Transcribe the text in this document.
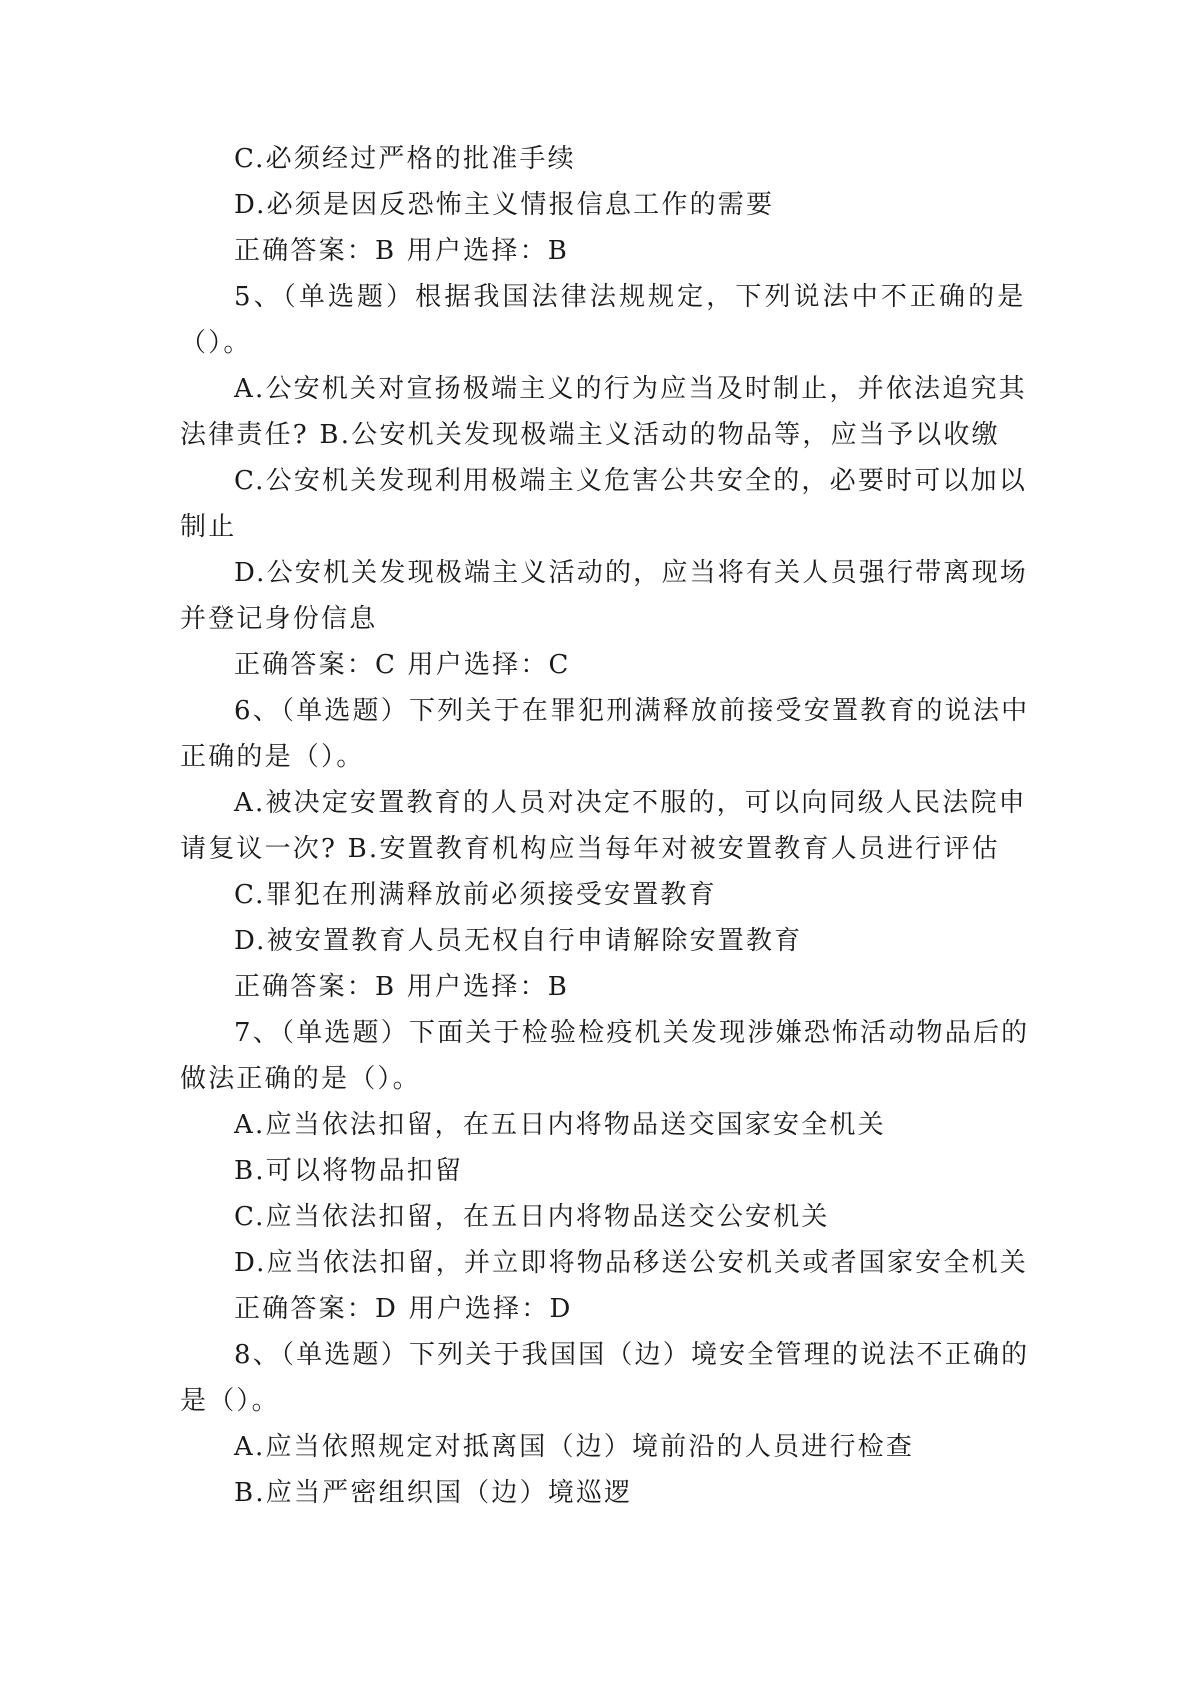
C.必须经过严格的批准手续
D.必须是因反恐怖主义情报信息工作的需要
正确答案：B 用户选择：B
5、（单选题）根据我国法律法规规定，下列说法中不正确的是
（）。
A.公安机关对宣扬极端主义的行为应当及时制止，并依法追究其
法律责任? B.公安机关发现极端主义活动的物品等，应当予以收缴
C.公安机关发现利用极端主义危害公共安全的，必要时可以加以
制止
D.公安机关发现极端主义活动的，应当将有关人员强行带离现场
并登记身份信息
正确答案：C 用户选择：C
6、（单选题）下列关于在罪犯刑满释放前接受安置教育的说法中
正确的是（）。
A.被决定安置教育的人员对决定不服的，可以向同级人民法院申
请复议一次? B.安置教育机构应当每年对被安置教育人员进行评估
C.罪犯在刑满释放前必须接受安置教育
D.被安置教育人员无权自行申请解除安置教育
正确答案：B 用户选择：B
7、（单选题）下面关于检验检疫机关发现涉嫌恐怖活动物品后的
做法正确的是（）。
A.应当依法扣留，在五日内将物品送交国家安全机关
B.可以将物品扣留
C.应当依法扣留，在五日内将物品送交公安机关
D.应当依法扣留，并立即将物品移送公安机关或者国家安全机关
正确答案：D 用户选择：D
8、（单选题）下列关于我国国（边）境安全管理的说法不正确的
是（）。
A.应当依照规定对抵离国（边）境前沿的人员进行检查
B.应当严密组织国（边）境巡逻
